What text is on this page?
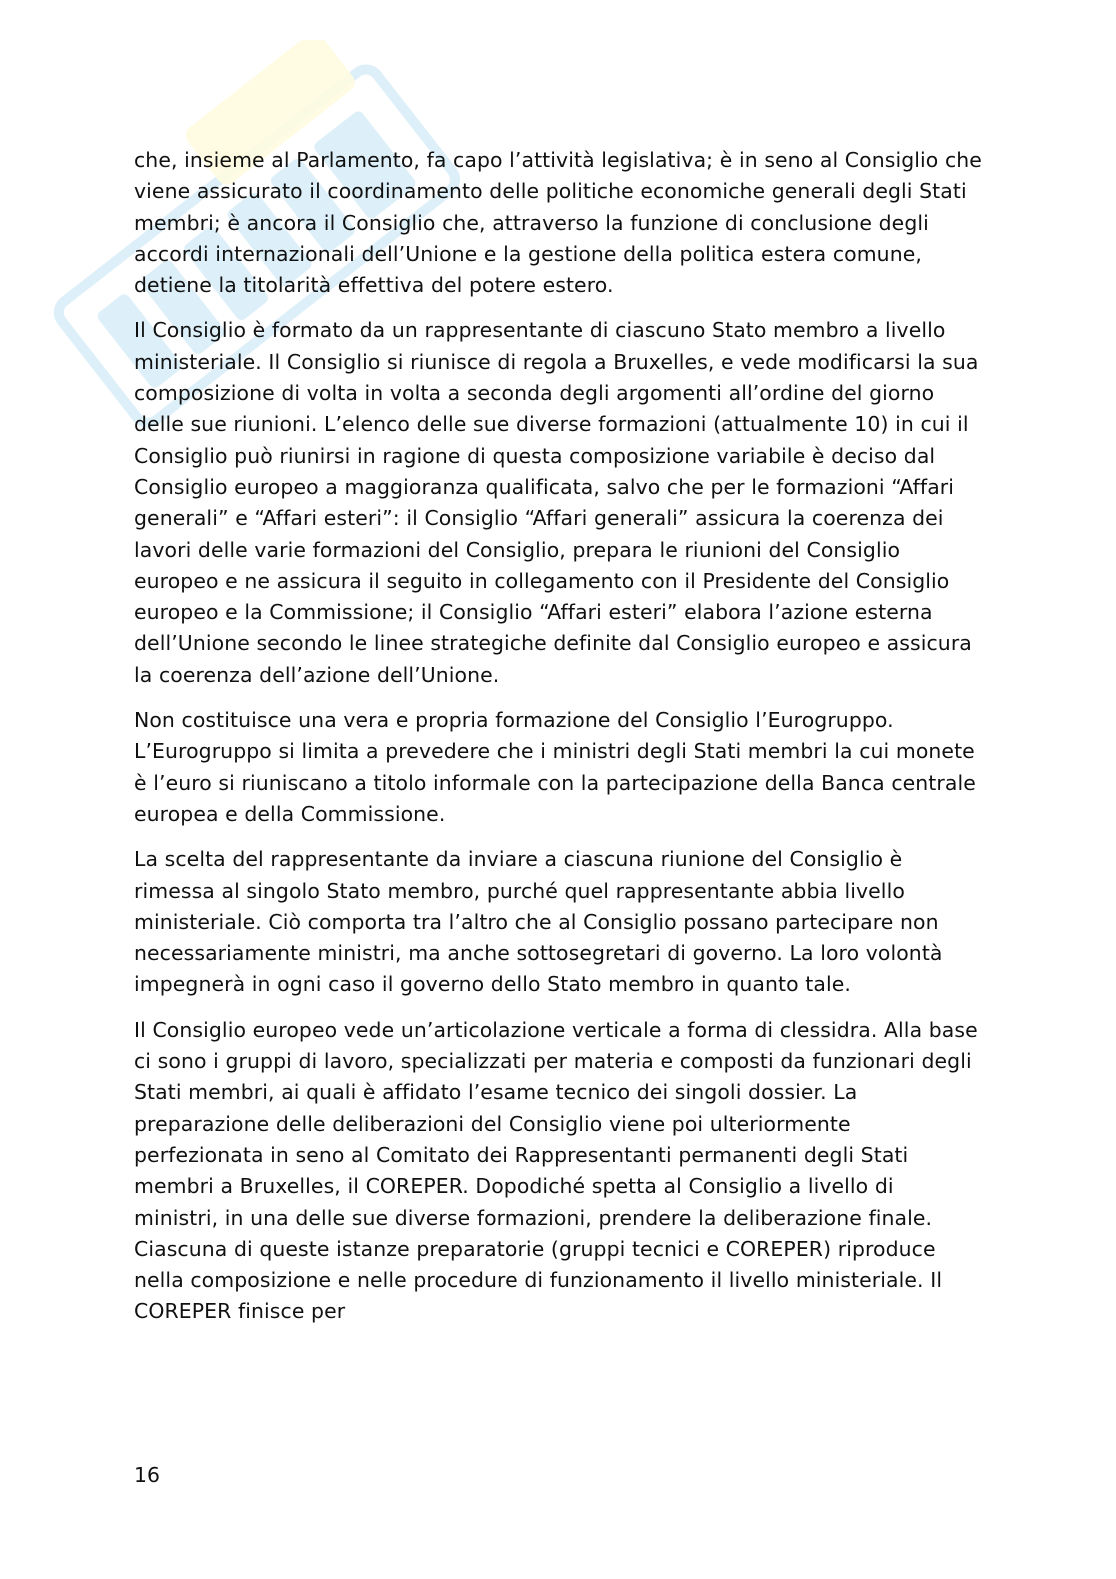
che, insieme al Parlamento, fa capo l’attività legislativa; è in seno al Consiglio che viene assicurato il coordinamento delle politiche economiche generali degli Stati membri; è ancora il Consiglio che, attraverso la funzione di conclusione degli accordi internazionali dell’Unione e la gestione della politica estera comune, detiene la titolarità effettiva del potere estero.

Il Consiglio è formato da un rappresentante di ciascuno Stato membro a livello ministeriale. Il Consiglio si riunisce di regola a Bruxelles, e vede modificarsi la sua composizione di volta in volta a seconda degli argomenti all’ordine del giorno delle sue riunioni. L’elenco delle sue diverse formazioni (attualmente 10) in cui il Consiglio può riunirsi in ragione di questa composizione variabile è deciso dal Consiglio europeo a maggioranza qualificata, salvo che per le formazioni “Affari generali” e “Affari esteri”: il Consiglio “Affari generali” assicura la coerenza dei lavori delle varie formazioni del Consiglio, prepara le riunioni del Consiglio europeo e ne assicura il seguito in collegamento con il Presidente del Consiglio europeo e la Commissione; il Consiglio “Affari esteri” elabora l’azione esterna dell’Unione secondo le linee strategiche definite dal Consiglio europeo e assicura la coerenza dell’azione dell’Unione.

Non costituisce una vera e propria formazione del Consiglio l’Eurogruppo. L’Eurogruppo si limita a prevedere che i ministri degli Stati membri la cui monete è l’euro si riuniscano a titolo informale con la partecipazione della Banca centrale europea e della Commissione.

La scelta del rappresentante da inviare a ciascuna riunione del Consiglio è rimessa al singolo Stato membro, purché quel rappresentante abbia livello ministeriale. Ciò comporta tra l’altro che al Consiglio possano partecipare non necessariamente ministri, ma anche sottosegretari di governo. La loro volontà impegnerà in ogni caso il governo dello Stato membro in quanto tale.

Il Consiglio europeo vede un’articolazione verticale a forma di clessidra. Alla base ci sono i gruppi di lavoro, specializzati per materia e composti da funzionari degli Stati membri, ai quali è affidato l’esame tecnico dei singoli dossier. La preparazione delle deliberazioni del Consiglio viene poi ulteriormente perfezionata in seno al Comitato dei Rappresentanti permanenti degli Stati membri a Bruxelles, il COREPER. Dopodiché spetta al Consiglio a livello di ministri, in una delle sue diverse formazioni, prendere la deliberazione finale. Ciascuna di queste istanze preparatorie (gruppi tecnici e COREPER) riproduce nella composizione e nelle procedure di funzionamento il livello ministeriale. Il COREPER finisce per

16
